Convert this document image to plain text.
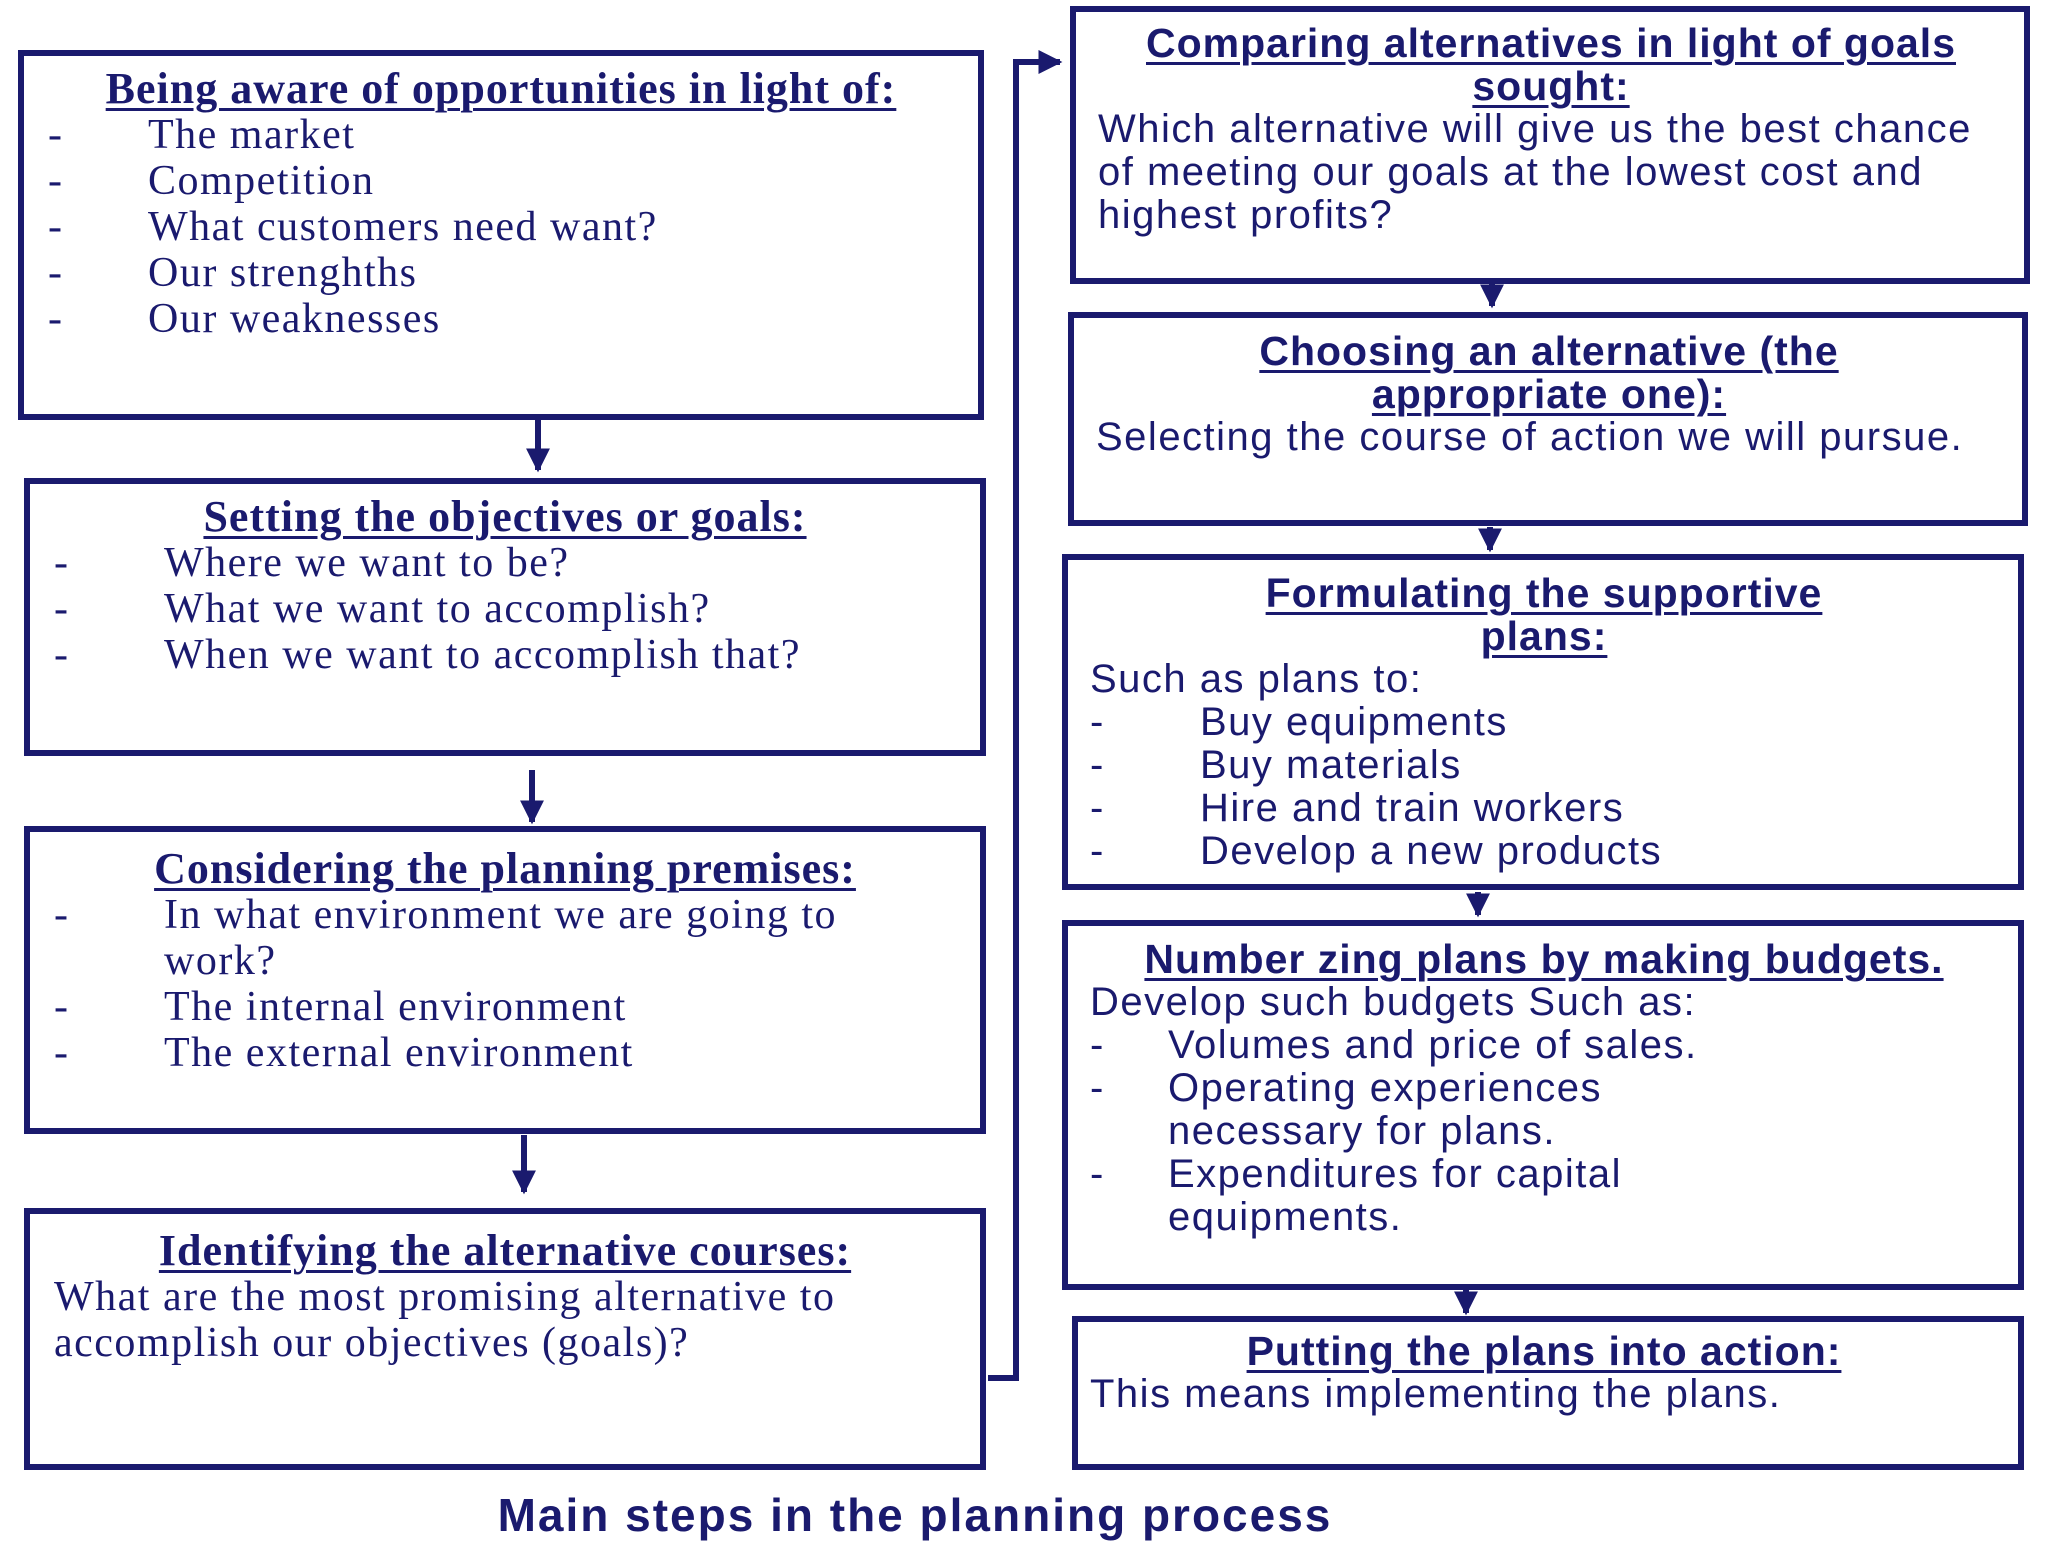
Being aware of opportunities in light of:

- The market
- Competition
- What customers need want?
- Our strenghths
- Our weaknesses

Setting the objectives or goals:

- Where we want to be?
- What we want to accomplish?
- When we want to accomplish that?

Considering the planning premises:

- In what environment we are going to work?
- The internal environment
- The external environment

Identifying the alternative courses:

What are the most promising alternative to accomplish our objectives (goals)?

Comparing alternatives in light of goals sought:

Which alternative will give us the best chance of meeting our goals at the lowest cost and highest profits?

Choosing an alternative (the appropriate one):

Selecting the course of action we will pursue.

Formulating the supportive plans:

Such as plans to:

- Buy equipments
- Buy materials
- Hire and train workers
- Develop a new products

Number zing plans by making budgets.

Develop such budgets Such as:

- Volumes and price of sales.
- Operating experiences necessary for plans.
- Expenditures for capital equipments.

Putting the plans into action:

This means implementing the plans.

Main steps in the planning process
